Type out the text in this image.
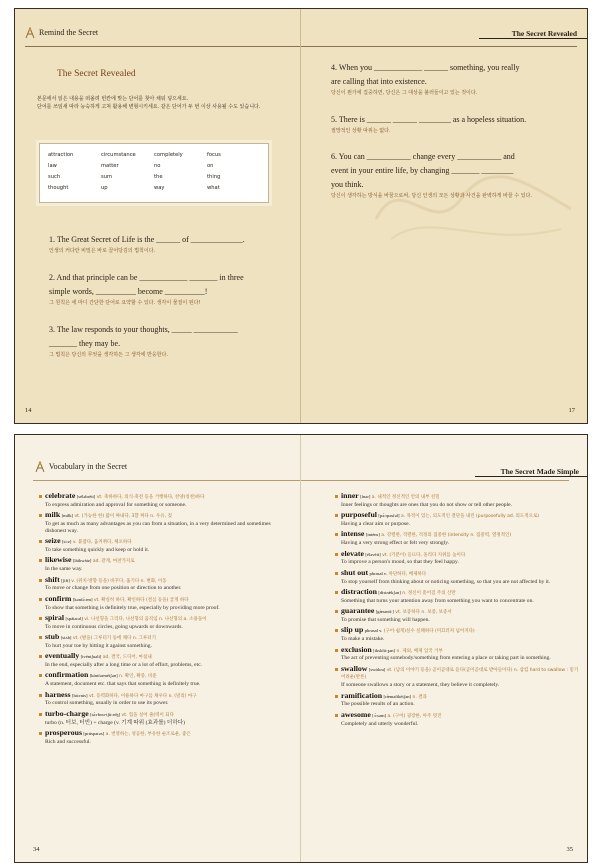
Remind the Secret
The Secret Revealed
본문에서 읽은 내용을 떠올려 빈칸에 맞는 단어를 찾아 채워 넣으세요.
단어를 쓰임새 따라 능숙하게 고쳐 활용해 변형시키세요. 같은 단어가 두 번 이상 사용될 수도 있습니다.
attraction	circumstance	completely	focus
law	matter	no	on
such	sum	the	thing
thought	up	way	what
1. The Great Secret of Life is the ______ of _____________.
인생의 커다란 비밀은 바로 끌어당김의 법칙이다.
2. And that principle can be ____________ _______ in three
simple words, __________ become __________!
그 원칙은 세 마디 간단한 단어로 요약할 수 있다. 생각이 물질이 된다!
3. The law responds to your thoughts, _____ ___________
_______ they may be.
그 법칙은 당신의 무엇을 생각하든 그 생각에 반응한다.
14
The Secret Revealed
4. When you ____________ ______ something, you really
are calling that into existence.
당신이 뭔가에 집중하면, 당신은 그 대상을 불러들이고 있는 것이다.
5. There is ______ ______ ________ as a hopeless situation.
절망적인 상황 따위는 없다.
6. You can ___________ change every ___________ and
event in your entire life, by changing _______ ________
you think.
당신이 생각하는 방식을 바꿈으로써, 당신 인생의 모든 상황과 사건을 완벽하게 바꿀 수 있다.
17
Vocabulary in the Secret
celebrate [séləbrèit] vt. 축하하다, 의식·축전 등을 거행하다, 찬양(칭찬)하다
To express admiration and approval for something or someone.
milk [milk] vt. (가능한 한) 많이 짜내다, 3할 짜다 n. 우유, 젖
To get as much as many advantages as you can from a situation, in a very determined and sometimes dishonest way.
seize [si:z] v. 붙잡다, 움켜쥐다, 체포하다
To take something quickly and keep or hold it.
likewise [láikwàiz] ad. 같게, 마찬가지로
In the same way.
shift [ʃift] v. (위치·방향 등을) 바꾸다, 옮기다 n. 변화, 이동
To move or change from one position or direction to another.
confirm [kənfə́:rm] vt. 확실히 하다, 확인하다 (결심 등을) 굳게 하다
To show that something is definitely true, especially by providing more proof.
spiral [spáiərəl] vi. 나선형을 그리다, 나선형의 움직임 n. 나선형의 a. 소용돌이
To move in continuous circles, going upwards or downwards.
stub [stʌb] vt. (발을) 그루터기 등에 채다 n. 그루터기
To hurt your toe by hitting it against something.
eventually [ivéntʃuəli] ad. 결국, 드디어, 마침내
In the end, especially after a long time or a lot of effort, problems, etc.
confirmation [kὰnfərméiʃən] n. 확인, 확증, 비준
A statement, document etc. that says that something is definitely true.
harness [há:rnis] vt. 동력화하다, 이용하다 마구를 채우다 n. (말의) 마구
To control something, usually in order to use its power.
turbo-charge [tə́:rbou-tʃὰ:rdʒ] vt. 힘을 실어 줄(력이 되다
turbo (n. 터보, 터빈) + charge (v. 기계 따위 (효과를) 더하다)
prosperous [prάspərəs] a. 번영하는, 성공한, 부유한 순조로운, 좋은
Rich and successful.
34
The Secret Made Simple
inner [ínər] a. 내적인 정신적인 안의 내부 친밀
Inner feelings or thoughts are ones that you do not show or tell other people.
purposeful [pə́:rpəsfəl] a. 목적이 있는, 의도적인 결단을 내린 (purposefully ad. 의도적으로)
Having a clear aim or purpose.
intense [inténs] a. 강렬한, 격렬한, 격정의 집중한 (intensity n. 집중력, 열정적인)
Having a very strong effect or felt very strongly.
elevate [éləvèit] vt. (기분이) 들뜨다, 올리다 지위를 높이다
To improve a person's mood, so that they feel happy.
shut out phrasal v. 차단하다, 배제하다
To stop yourself from thinking about or noticing something, so that you are not affected by it.
distraction [distrǽkʃən] n. 정신이 흩어짐 주의 산만
Something that turns your attention away from something you want to concentrate on.
guarantee [gæ̀rəntí:] vt. 보증하다 n. 보증, 보증서
To promise that something will happen.
slip up phrasal v. (구어·쉽게)실수 실패하다 (미끄러져 넘어지다)
To make a mistake.
exclusion [iksklú:ʒən] n. 제외, 배제 입국 거부
The act of preventing somebody/something from entering a place or taking part in something.
swallow [swάlou] vt. (남의 이야기 등을) 곧이곧대로 듣다(곧이곧대로 받아들이다) n. 삼킴 hard to swallow : 믿기 어려운(반론)
If someone swallows a story or a statement, they believe it completely.
ramification [ræ̀məfikéiʃən] n. 결과
The possible results of an action.
awesome [ɔ́:səm] a. (구어) 굉장한, 아주 멋진
Completely and utterly wonderful.
35
